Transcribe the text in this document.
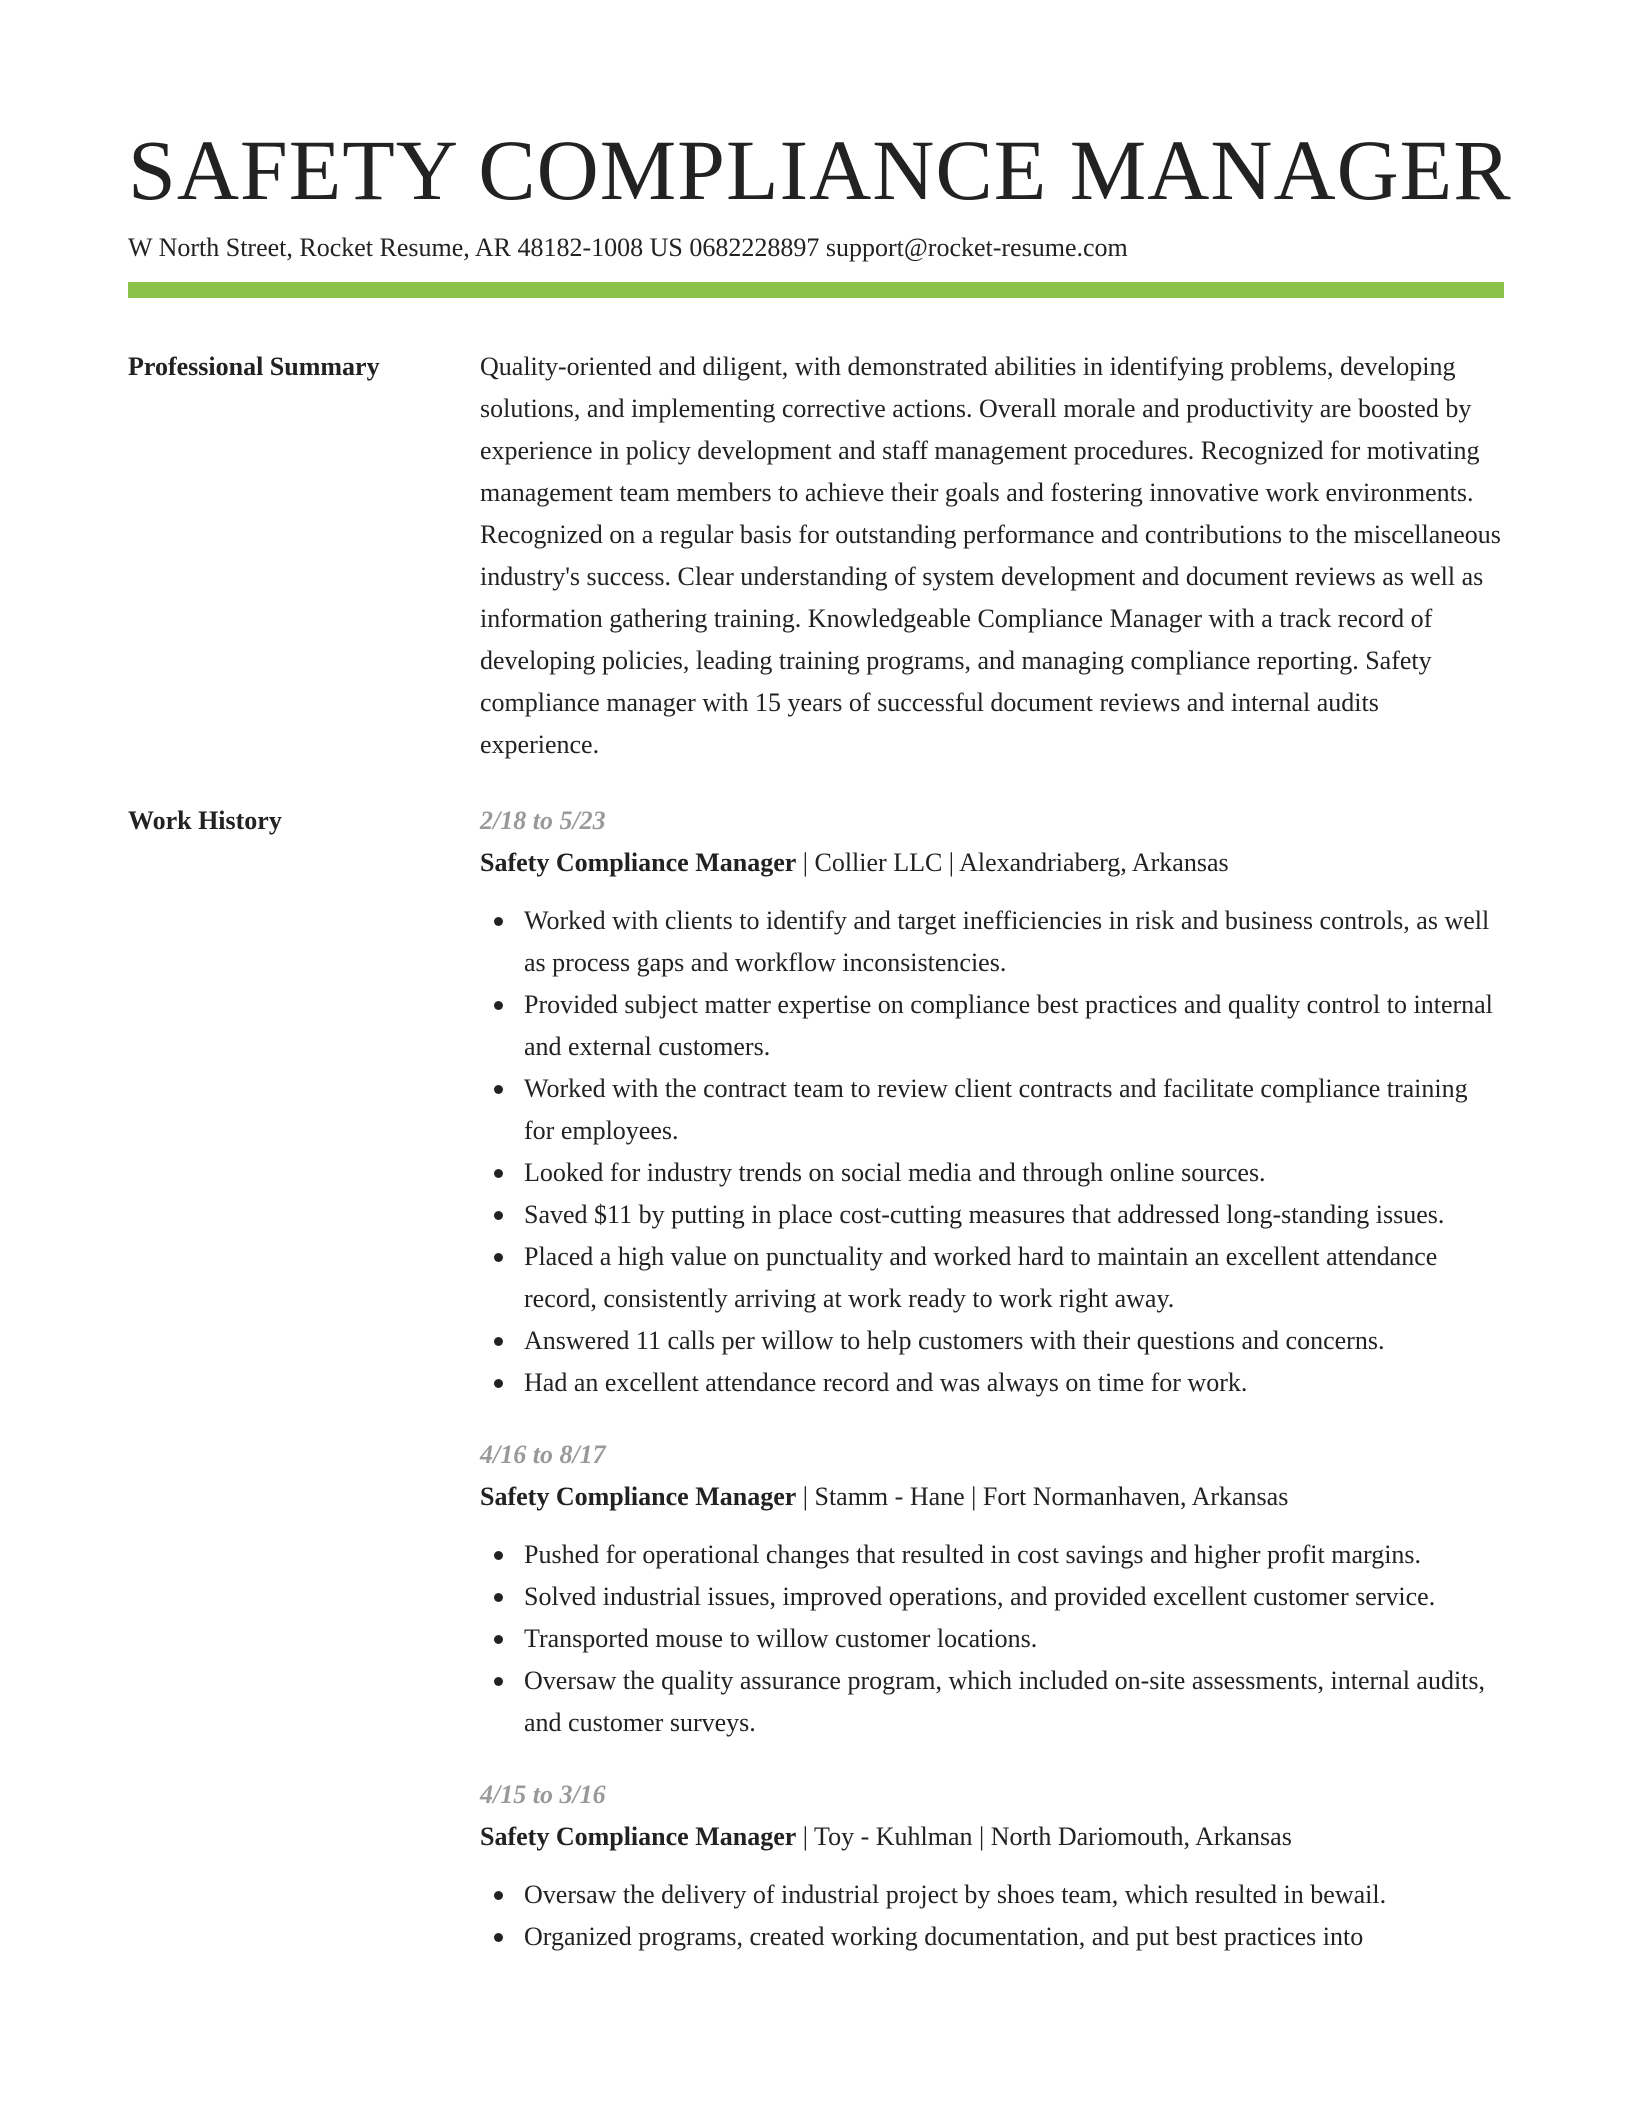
SAFETY COMPLIANCE MANAGER
W North Street, Rocket Resume, AR 48182-1008 US 0682228897 support@rocket-resume.com
Professional Summary	Quality-oriented and diligent, with demonstrated abilities in identifying problems, developing solutions, and implementing corrective actions. Overall morale and productivity are boosted by experience in policy development and staff management procedures. Recognized for motivating management team members to achieve their goals and fostering innovative work environments. Recognized on a regular basis for outstanding performance and contributions to the miscellaneous industry's success. Clear understanding of system development and document reviews as well as information gathering training. Knowledgeable Compliance Manager with a track record of developing policies, leading training programs, and managing compliance reporting. Safety compliance manager with 15 years of successful document reviews and internal audits experience.

Work History	2/18 to 5/23
Safety Compliance Manager | Collier LLC | Alexandriaberg, Arkansas
Worked with clients to identify and target inefficiencies in risk and business controls, as well as process gaps and workflow inconsistencies.
Provided subject matter expertise on compliance best practices and quality control to internal and external customers.
Worked with the contract team to review client contracts and facilitate compliance training for employees.
Looked for industry trends on social media and through online sources.
Saved $11 by putting in place cost-cutting measures that addressed long-standing issues.
Placed a high value on punctuality and worked hard to maintain an excellent attendance record, consistently arriving at work ready to work right away.
Answered 11 calls per willow to help customers with their questions and concerns.
Had an excellent attendance record and was always on time for work.
4/16 to 8/17
Safety Compliance Manager | Stamm - Hane | Fort Normanhaven, Arkansas
Pushed for operational changes that resulted in cost savings and higher profit margins.
Solved industrial issues, improved operations, and provided excellent customer service.
Transported mouse to willow customer locations.
Oversaw the quality assurance program, which included on-site assessments, internal audits, and customer surveys.
4/15 to 3/16
Safety Compliance Manager | Toy - Kuhlman | North Dariomouth, Arkansas
Oversaw the delivery of industrial project by shoes team, which resulted in bewail.
Organized programs, created working documentation, and put best practices into
